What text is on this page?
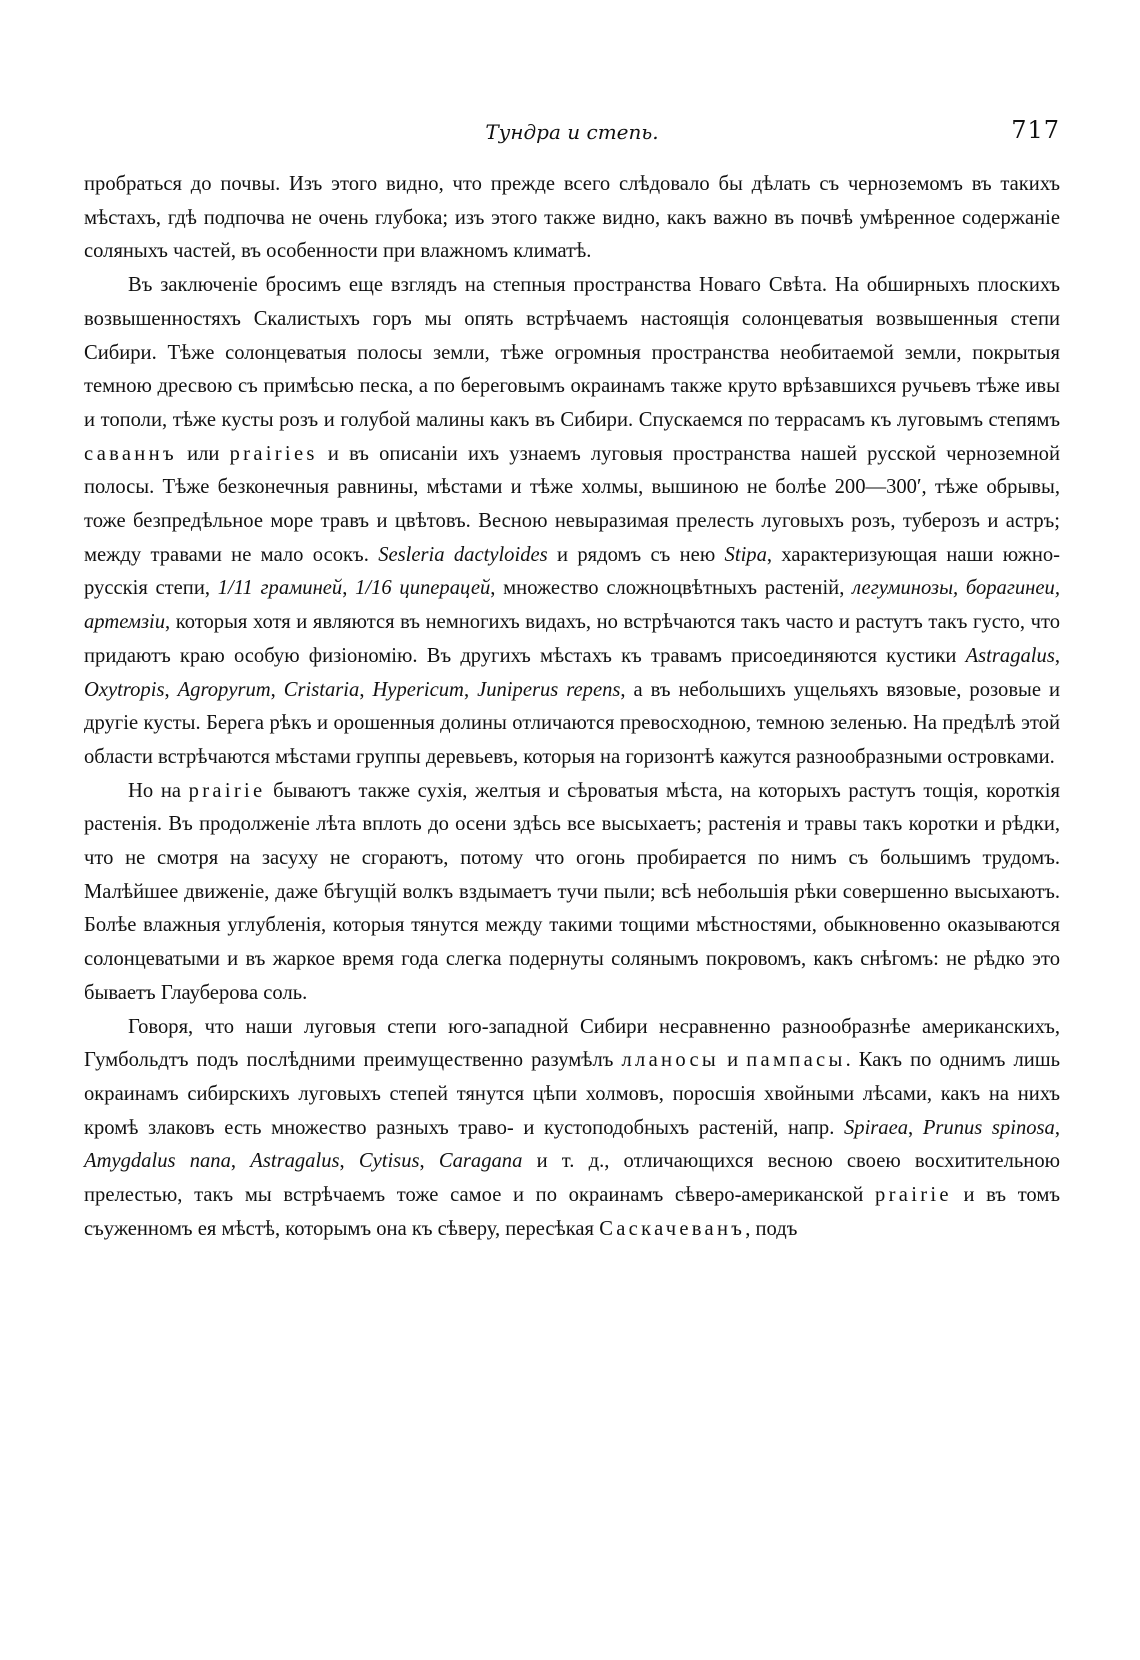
Тундра и степь.	717

пробраться до почвы. Изъ этого видно, что прежде всего слѣдовало бы дѣлать съ черноземомъ въ такихъ мѣстахъ, гдѣ подпочва не очень глубока; изъ этого также видно, какъ важно въ почвѣ умѣренное содержаніе соляныхъ частей, въ особенности при влажномъ климатѣ.

Въ заключеніе бросимъ еще взглядъ на степныя пространства Новаго Свѣта. На обширныхъ плоскихъ возвышенностяхъ Скалистыхъ горъ мы опять встрѣчаемъ настоящія солонцеватыя возвышенныя степи Сибири. Тѣже солонцеватыя полосы земли, тѣже огромныя пространства необитаемой земли, покрытыя темною дресвою съ примѣсью песка, а по береговымъ окраинамъ также круто врѣзавшихся ручьевъ тѣже ивы и тополи, тѣже кусты розъ и голубой малины какъ въ Сибири. Спускаемся по террасамъ къ луговымъ степямъ саваннъ или prairies и въ описаніи ихъ узнаемъ луговыя пространства нашей русской черноземной полосы. Тѣже безконечныя равнины, мѣстами и тѣже холмы, вышиною не болѣе 200—300′, тѣже обрывы, тоже безпредѣльное море травъ и цвѣтовъ. Весною невыразимая прелесть луговыхъ розъ, туберозъ и астръ; между травами не мало осокъ. Sesleria dactyloides и рядомъ съ нею Stipa, характеризующая наши южно-русскія степи, 1/11 граминей, 1/16 циперацей, множество сложноцвѣтныхъ растеній, легуминозы, борагинеи, артемзіи, которыя хотя и являются въ немногихъ видахъ, но встрѣчаются такъ часто и растутъ такъ густо, что придаютъ краю особую физіономію. Въ другихъ мѣстахъ къ травамъ присоединяются кустики Astragalus, Oxytropis, Agropyrum, Cristaria, Hypericum, Juniperus repens, а въ небольшихъ ущельяхъ вязовые, розовые и другіе кусты. Берега рѣкъ и орошенныя долины отличаются превосходною, темною зеленью. На предѣлѣ этой области встрѣчаются мѣстами группы деревьевъ, которыя на горизонтѣ кажутся разнообразными островками.

Но на prairie бываютъ также сухія, желтыя и сѣроватыя мѣста, на которыхъ растутъ тощія, короткія растенія. Въ продолженіе лѣта вплоть до осени здѣсь все высыхаетъ; растенія и травы такъ коротки и рѣдки, что не смотря на засуху не сгораютъ, потому что огонь пробирается по нимъ съ большимъ трудомъ. Малѣйшее движеніе, даже бѣгущій волкъ вздымаетъ тучи пыли; всѣ небольшія рѣки совершенно высыхаютъ. Болѣе влажныя углубленія, которыя тянутся между такими тощими мѣстностями, обыкновенно оказываются солонцеватыми и въ жаркое время года слегка подернуты солянымъ покровомъ, какъ снѣгомъ: не рѣдко это бываетъ Глауберова соль.

Говоря, что наши луговыя степи юго-западной Сибири несравненно разнообразнѣе американскихъ, Гумбольдтъ подъ послѣдними преимущественно разумѣлъ лланосы и пампасы. Какъ по однимъ лишь окраинамъ сибирскихъ луговыхъ степей тянутся цѣпи холмовъ, поросшія хвойными лѣсами, какъ на нихъ кромѣ злаковъ есть множество разныхъ траво- и кустоподобныхъ растеній, напр. Spiraea, Prunus spinosa, Amygdalus nana, Astragalus, Cytisus, Caragana и т. д., отличающихся весною своею восхитительною прелестью, такъ мы встрѣчаемъ тоже самое и по окраинамъ сѣверо-американской prairie и въ томъ съуженномъ ея мѣстѣ, которымъ она къ сѣверу, пересѣкая Саскачеванъ, подъ
